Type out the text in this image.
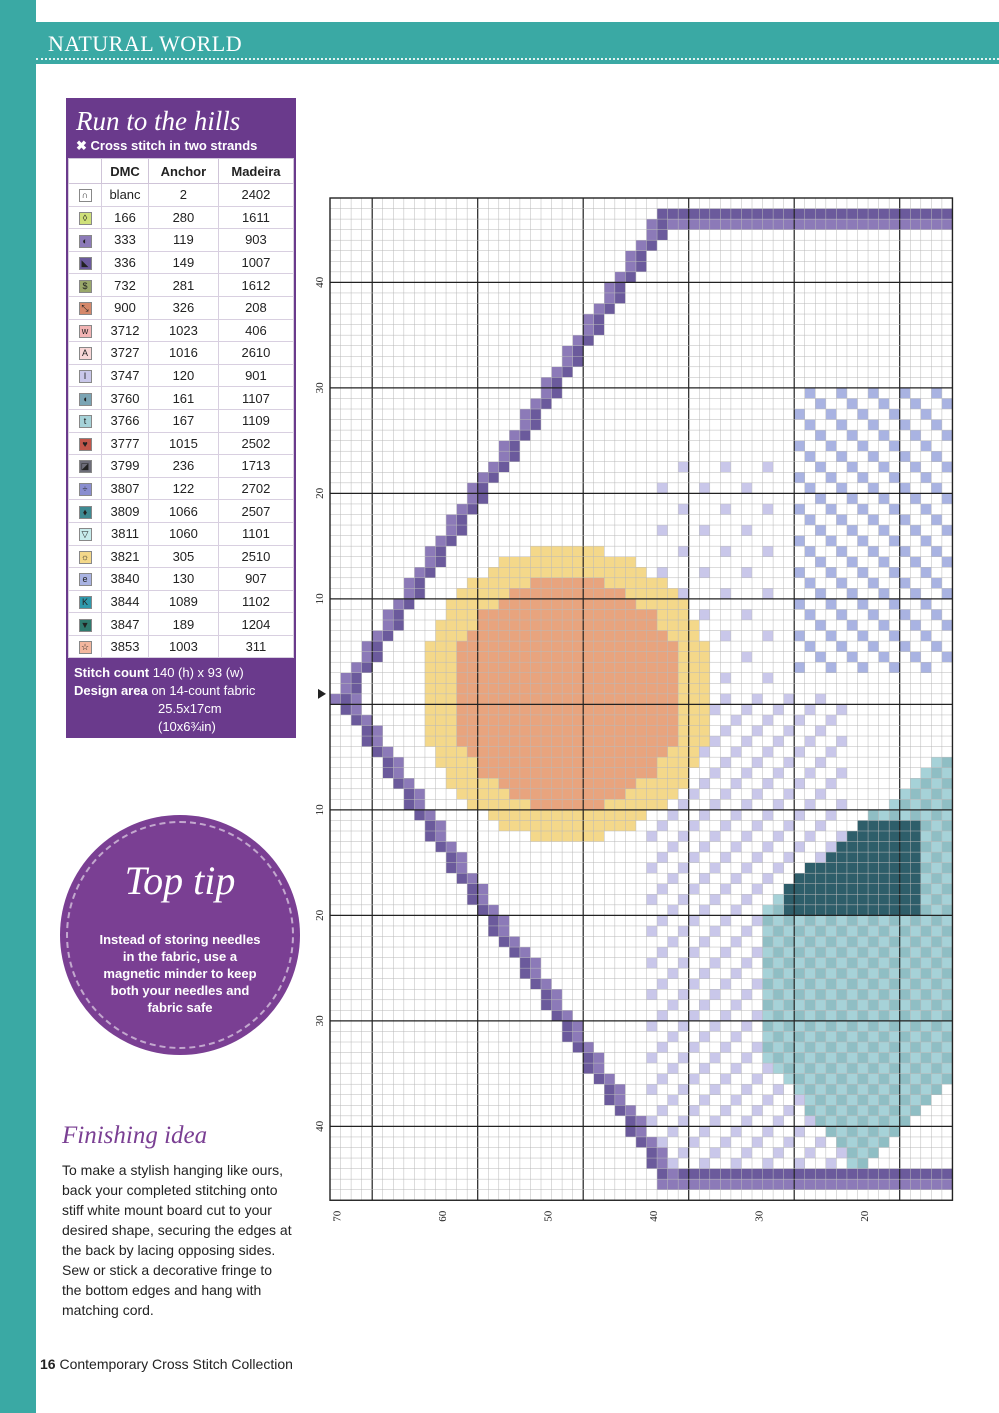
NATURAL WORLD
Run to the hills
✖ Cross stitch in two strands
	DMC	Anchor	Madeira
∩	blanc	2	2402
◊	166	280	1611
◐	333	119	903
◣	336	149	1007
$	732	281	1612
⤡	900	326	208
w	3712	1023	406
A	3727	1016	2610
I	3747	120	901
◖	3760	161	1107
t	3766	167	1109
♥	3777	1015	2502
◪	3799	236	1713
÷	3807	122	2702
⬧	3809	1066	2507
▽	3811	1060	1101
☼	3821	305	2510
e	3840	130	907
K	3844	1089	1102
▼	3847	189	1204
☆	3853	1003	311
Stitch count 140 (h) x 93 (w)
Design area on 14-count fabric
25.5x17cm
(10x6¾in)
Top tip
Instead of storing needles in the fabric, use a magnetic minder to keep both your needles and fabric safe
Finishing idea
To make a stylish hanging like ours, back your completed stitching onto stiff white mount board cut to your desired shape, securing the edges at the back by lacing opposing sides. Sew or stick a decorative fringe to the bottom edges and hang with matching cord.
16 Contemporary Cross Stitch Collection
40
30
20
10
10
20
30
40
70	60	50	40	30	20
